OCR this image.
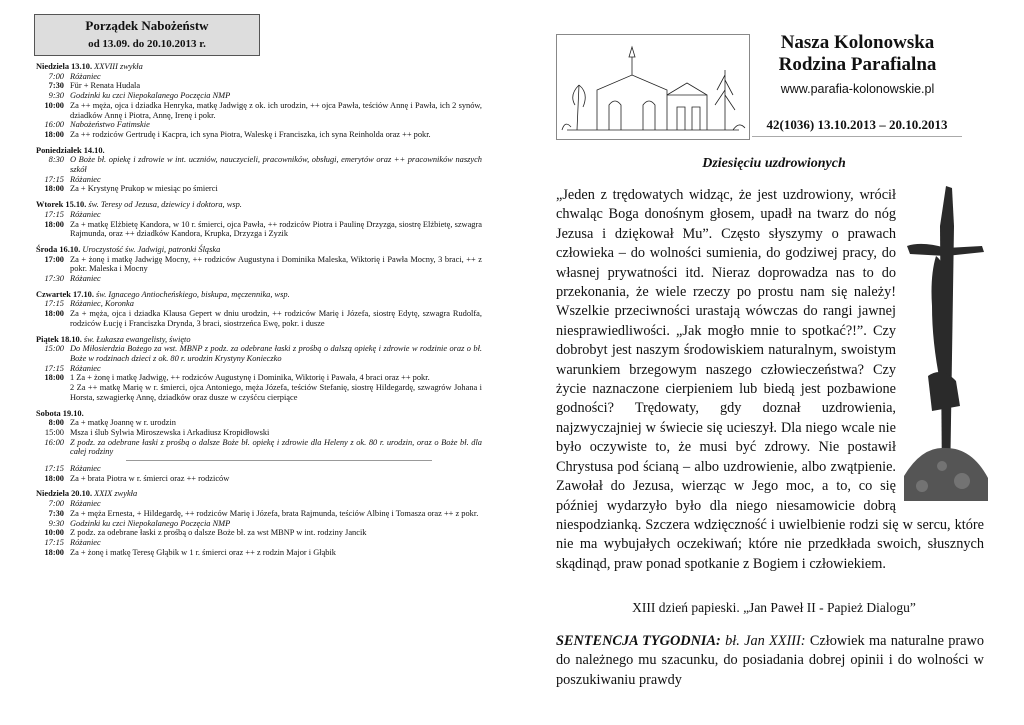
Porządek Nabożeństw
od 13.09. do 20.10.2013 r.
Niedziela 13.10. XXVIII zwykła
7:00 Różaniec
7:30 Für + Renata Hudala
9:30 Godzinki ku czci Niepokalanego Poczęcia NMP
10:00 Za ++ męża, ojca i dziadka Henryka, matkę Jadwigę z ok. ich urodzin, ++ ojca Pawła, teściów Annę i Pawła, ich 2 synów, dziadków Annę i Piotra, Annę, Irenę i pokr.
16:00 Nabożeństwo Fatimskie
18:00 Za ++ rodziców Gertrudę i Kacpra, ich syna Piotra, Waleskę i Franciszka, ich syna Reinholda oraz ++ pokr.
Poniedziałek 14.10.
8:30 O Boże bł. opiekę i zdrowie w int. uczniów, nauczycieli, pracowników, obsługi, emerytów oraz ++ pracowników naszych szkół
17:15 Różaniec
18:00 Za + Krystynę Prukop w miesiąc po śmierci
Wtorek 15.10. św. Teresy od Jezusa, dziewicy i doktora, wsp.
17:15 Różaniec
18:00 Za + matkę Elżbietę Kandora, w 10 r. śmierci, ojca Pawła, ++ rodziców Piotra i Paulinę Drzyzga, siostrę Elżbietę, szwagra Rajmunda, oraz ++ dziadków Kandora, Krupka, Drzyzga i Zyzik
Środa 16.10. Uroczystość św. Jadwigi, patronki Śląska
17:00 Za + żonę i matkę Jadwigę Mocny, ++ rodziców Augustyna i Dominika Maleska, Wiktorię i Pawła Mocny, 3 braci, ++ z pokr. Maleska i Mocny
17:30 Różaniec
Czwartek 17.10. św. Ignacego Antiocheńskiego, biskupa, męczennika, wsp.
17:15 Różaniec, Koronka
18:00 Za + męża, ojca i dziadka Klausa Gepert w dniu urodzin, ++ rodziców Marię i Józefa, siostrę Edytę, szwagra Rudolfa, rodziców Łucję i Franciszka Drynda, 3 braci, siostrzeńca Ewę, pokr. i dusze
Piątek 18.10. św. Łukasza ewangelisty, święto
15:00 Do Miłosierdzia Bożego za wst. MBNP z podz. za odebrane łaski z prośbą o dalszą opiekę i zdrowie w rodzinie oraz o bł. Boże w rodzinach dzieci z ok. 80 r. urodzin Krystyny Konieczko
17:15 Różaniec
18:00 1 Za + żonę i matkę Jadwigę, ++ rodziców Augustynę i Dominika, Wiktorię i Pawała, 4 braci oraz ++ pokr.
2 Za ++ matkę Marię w r. śmierci, ojca Antoniego, męża Józefa, teściów Stefanię, siostrę Hildegardę, szwagrów Johana i Horsta, szwagierkę Annę, dziadków oraz dusze w czyśćcu cierpiące
Sobota 19.10.
8:00 Za + matkę Joannę w r. urodzin
15:00 Msza i ślub Sylwia Miroszewska i Arkadiusz Kropidłowski
16:00 Z podz. za odebrane łaski z prośbą o dalsze Boże bł. opiekę i zdrowie dla Heleny z ok. 80 r. urodzin, oraz o Boże bł. dla całej rodziny
17:15 Różaniec
18:00 Za + brata Piotra w r. śmierci oraz ++ rodziców
Niedziela 20.10. XXIX zwykła
7:00 Różaniec
7:30 Za + męża Ernesta, + Hildegardę, ++ rodziców Marię i Józefa, brata Rajmunda, teściów Albinę i Tomasza oraz ++ z pokr.
9:30 Godzinki ku czci Niepokalanego Poczęcia NMP
10:00 Z podz. za odebrane łaski z prośbą o dalsze Boże bł. za wst MBNP w int. rodziny Jancik
17:15 Różaniec
18:00 Za + żonę i matkę Teresę Głąbik w 1 r. śmierci oraz ++ z rodzin Major i Głąbik
Nasza Kolonowska
Rodzina Parafialna
www.parafia-kolonowskie.pl
42(1036) 13.10.2013 – 20.10.2013
Dziesięciu uzdrowionych
„Jeden z trędowatych widząc, że jest uzdrowiony, wrócił chwaląc Boga donośnym głosem, upadł na twarz do nóg Jezusa i dziękował Mu”. Często słyszymy o prawach człowieka – do wolności sumienia, do godziwej pracy, do własnej prywatności itd. Nieraz doprowadza nas to do przekonania, że wiele rzeczy po prostu nam się należy! Wszelkie przeciwności urastają wówczas do rangi jawnej niesprawiedliwości. „Jak mogło mnie to spotkać?!”. Czy dobrobyt jest naszym środowiskiem naturalnym, swoistym warunkiem brzegowym naszego człowieczeństwa? Czy życie naznaczone cierpieniem lub biedą jest pozbawione godności? Trędowaty, gdy doznał uzdrowienia, najzwyczajniej w świecie się ucieszył. Dla niego wcale nie było oczywiste to, że musi być zdrowy. Nie postawił Chrystusa pod ścianą – albo uzdrowienie, albo zwątpienie. Zawołał do Jezusa, wierząc w Jego moc, a to, co się później wydarzyło było dla niego niesamowicie dobrą niespodzianką. Szczera wdzięczność i uwielbienie rodzi się w sercu, które nie ma wybujałych oczekiwań; które nie przedkłada swoich, słusznych skądinąd, praw ponad spotkanie z Bogiem i człowiekiem.
XIII dzień papieski. „Jan Paweł II - Papież Dialogu”
SENTENCJA TYGODNIA: bł. Jan XXIII: Człowiek ma naturalne prawo do należnego mu szacunku, do posiadania dobrej opinii i do wolności w poszukiwaniu prawdy
